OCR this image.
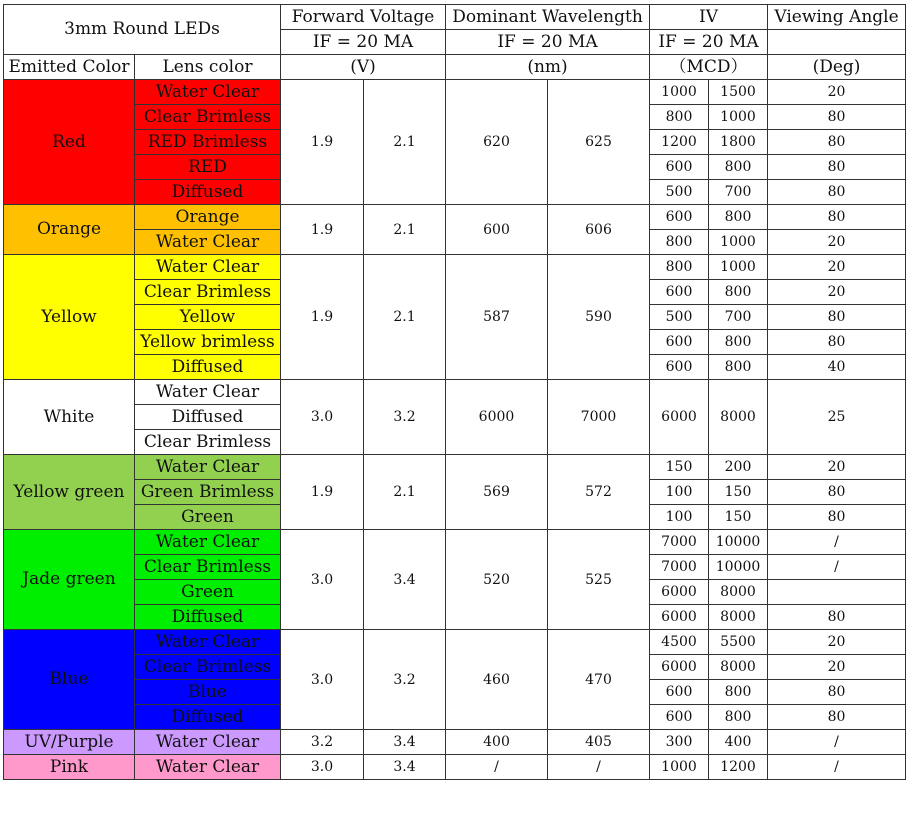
3mm Round LEDs		Forward Voltage		Dominant Wavelength		IV		Viewing Angle
		IF = 20 MA		IF = 20 MA		IF = 20 MA		
Emitted Color	Lens color	(V)		(nm)		（MCD）		(Deg)
Red	Water Clear	1.9	2.1	620	625	1000	1500	20
	Clear Brimless					800	1000	80
	RED Brimless					1200	1800	80
	RED					600	800	80
	Diffused					500	700	80
Orange	Orange	1.9	2.1	600	606	600	800	80
	Water Clear					800	1000	20
Yellow	Water Clear	1.9	2.1	587	590	800	1000	20
	Clear Brimless					600	800	20
	Yellow					500	700	80
	Yellow brimless					600	800	80
	Diffused					600	800	40
White	Water Clear	3.0	3.2	6000	7000	6000	8000	25
	Diffused							
	Clear Brimless							
Yellow green	Water Clear	1.9	2.1	569	572	150	200	20
	Green Brimless					100	150	80
	Green					100	150	80
Jade green	Water Clear	3.0	3.4	520	525	7000	10000	/
	Clear Brimless					7000	10000	/
	Green					6000	8000	
	Diffused					6000	8000	80
Blue	Water Clear	3.0	3.2	460	470	4500	5500	20
	Clear Brimless					6000	8000	20
	Blue					600	800	80
	Diffused					600	800	80
UV/Purple	Water Clear	3.2	3.4	400	405	300	400	/
Pink	Water Clear	3.0	3.4	/	/	1000	1200	/
